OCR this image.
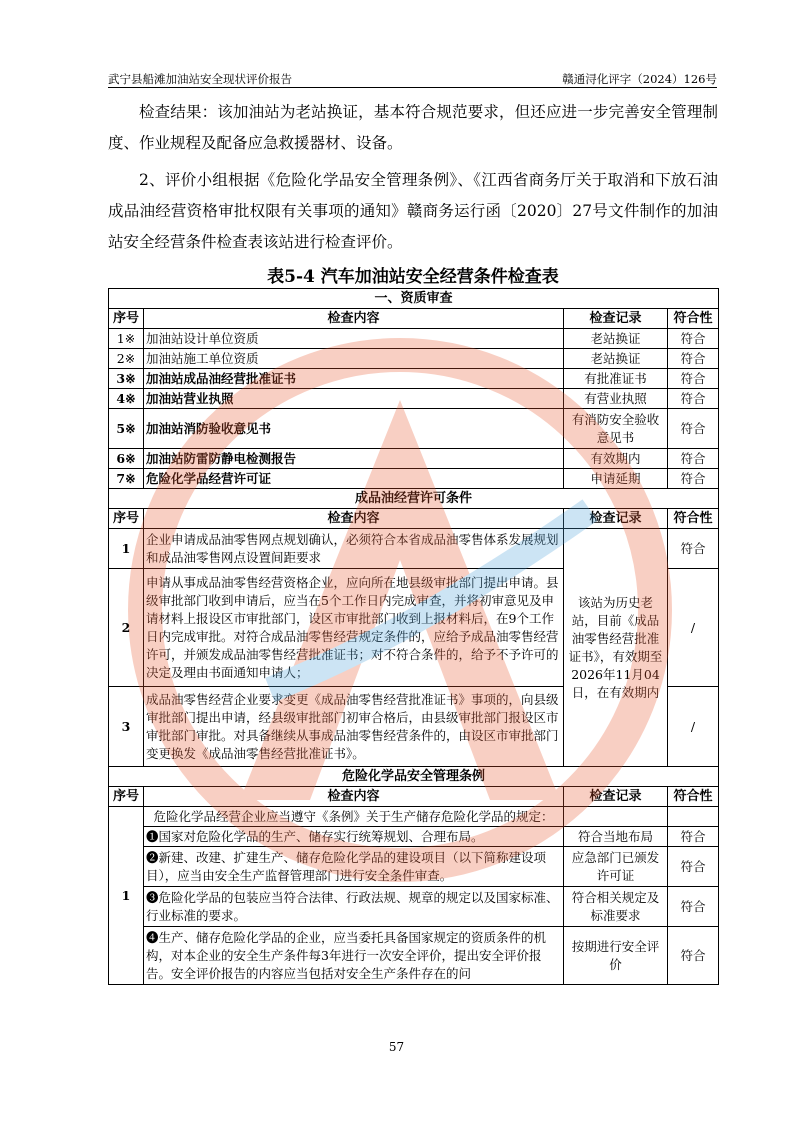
武宁县船滩加油站安全现状评价报告	赣通浔化评字（2024）126号

检查结果：该加油站为老站换证，基本符合规范要求，但还应进一步完善安全管理制度、作业规程及配备应急救援器材、设备。

2、评价小组根据《危险化学品安全管理条例》、《江西省商务厅关于取消和下放石油成品油经营资格审批权限有关事项的通知》赣商务运行函〔2020〕27号文件制作的加油站安全经营条件检查表该站进行检查评价。

表5-4 汽车加油站安全经营条件检查表
一、资质审查			
序号	检查内容	检查记录	符合性
1※	加油站设计单位资质	老站换证	符合
2※	加油站施工单位资质	老站换证	符合
3※	加油站成品油经营批准证书	有批准证书	符合
4※	加油站营业执照	有营业执照	符合
5※	加油站消防验收意见书	有消防安全验收意见书	符合
6※	加油站防雷防静电检测报告	有效期内	符合
7※	危险化学品经营许可证	申请延期	符合
成品油经营许可条件			
序号	检查内容	检查记录	符合性
1	企业申请成品油零售网点规划确认，必须符合本省成品油零售体系发展规划和成品油零售网点设置间距要求	该站为历史老站，目前《成品油零售经营批准证书》，有效期至2026年11月04日，在有效期内	符合
2	申请从事成品油零售经营资格企业，应向所在地县级审批部门提出申请。县级审批部门收到申请后，应当在5个工作日内完成审查，并将初审意见及申请材料上报设区市审批部门，设区市审批部门收到上报材料后，在9个工作日内完成审批。对符合成品油零售经营规定条件的，应给予成品油零售经营许可，并颁发成品油零售经营批准证书；对不符合条件的，给予不予许可的决定及理由书面通知申请人；		/
3	成品油零售经营企业要求变更《成品油零售经营批准证书》事项的，向县级审批部门提出申请，经县级审批部门初审合格后，由县级审批部门报设区市审批部门审批。对具备继续从事成品油零售经营条件的，由设区市审批部门变更换发《成品油零售经营批准证书》。		/
危险化学品安全管理条例			
序号	检查内容	检查记录	符合性
1	危险化学品经营企业应当遵守《条例》关于生产储存危险化学品的规定：		
	❶国家对危险化学品的生产、储存实行统筹规划、合理布局。	符合当地布局	符合
	❷新建、改建、扩建生产、储存危险化学品的建设项目（以下简称建设项目），应当由安全生产监督管理部门进行安全条件审查。	应急部门已颁发许可证	符合
	❸危险化学品的包装应当符合法律、行政法规、规章的规定以及国家标准、行业标准的要求。	符合相关规定及标准要求	符合
	❹生产、储存危险化学品的企业，应当委托具备国家规定的资质条件的机构，对本企业的安全生产条件每3年进行一次安全评价，提出安全评价报告。安全评价报告的内容应当包括对安全生产条件存在的问	按期进行安全评价	符合
57
